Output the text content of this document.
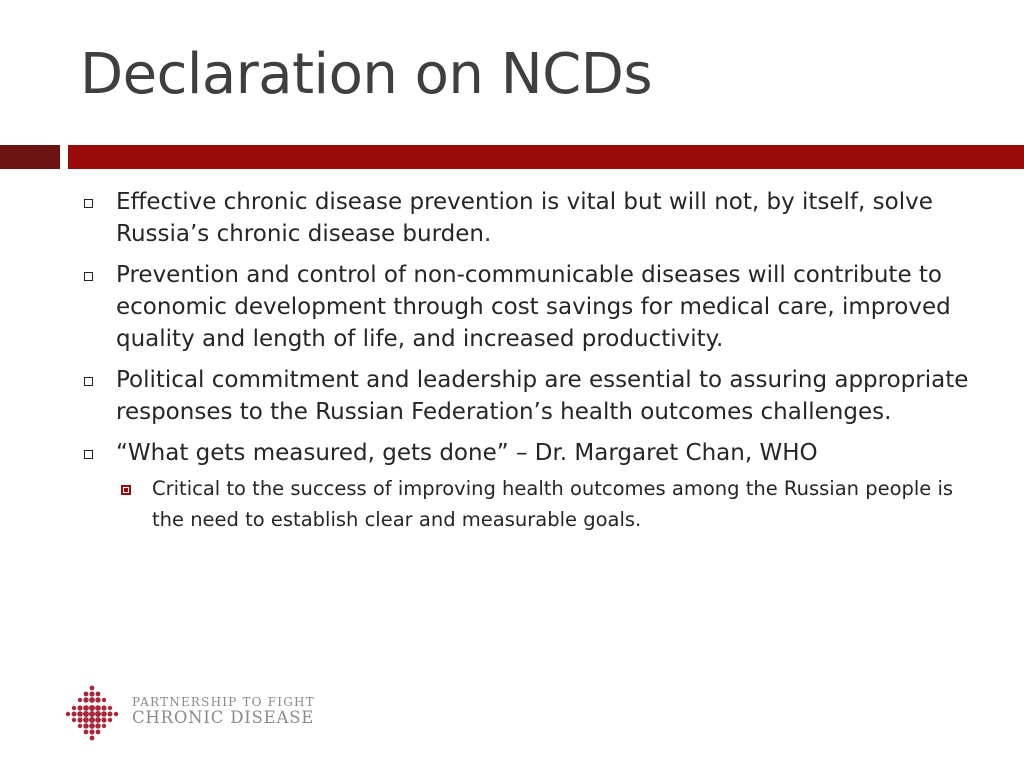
Declaration on NCDs
Effective chronic disease prevention is vital but will not, by itself, solve Russia’s chronic disease burden.
Prevention and control of non-communicable diseases will contribute to economic development through cost savings for medical care, improved quality and length of life, and increased productivity.
Political commitment and leadership are essential to assuring appropriate responses to the Russian Federation’s health outcomes challenges.
“What gets measured, gets done” – Dr. Margaret Chan, WHO
Critical to the success of improving health outcomes among the Russian people is the need to establish clear and measurable goals.
PARTNERSHIP TO FIGHT
CHRONIC DISEASE
